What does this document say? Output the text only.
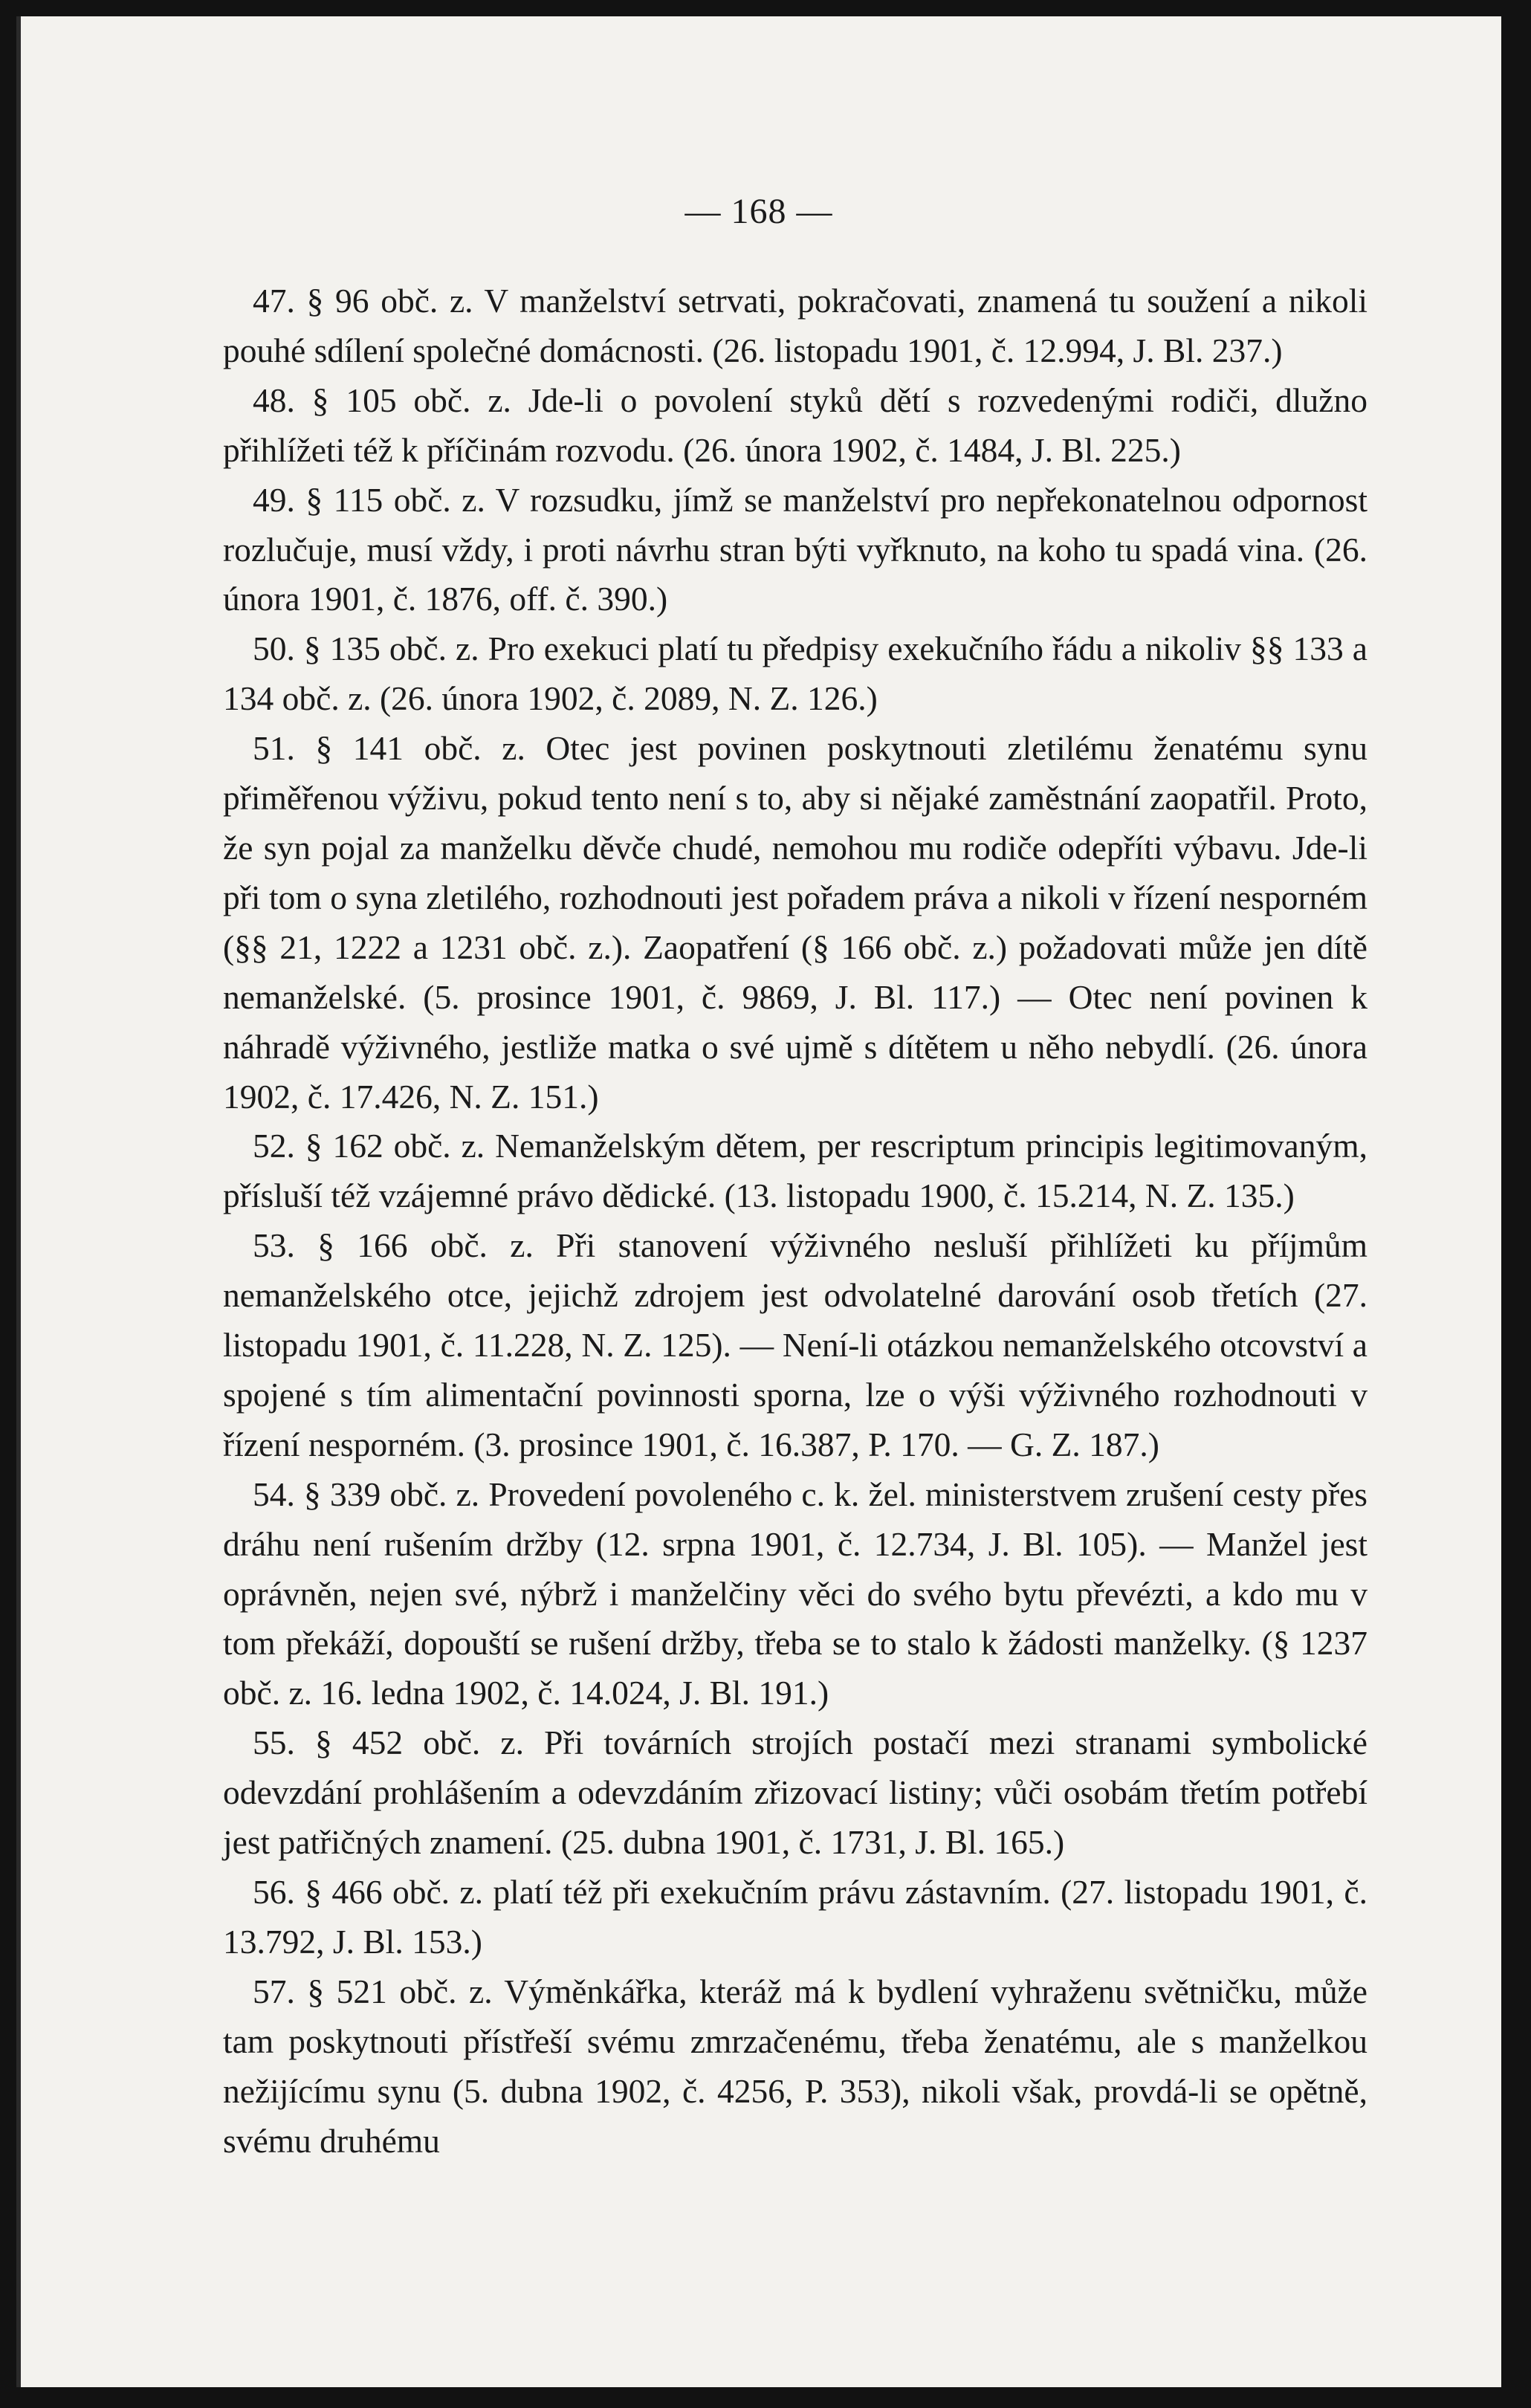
— 168 —

47. § 96 obč. z. V manželství setrvati, pokračovati, znamená tu soužení a nikoli pouhé sdílení společné domácnosti. (26. listopadu 1901, č. 12.994, J. Bl. 237.)

48. § 105 obč. z. Jde-li o povolení styků dětí s rozvedenými rodiči, dlužno přihlížeti též k příčinám rozvodu. (26. února 1902, č. 1484, J. Bl. 225.)

49. § 115 obč. z. V rozsudku, jímž se manželství pro nepřekonatelnou odpornost rozlučuje, musí vždy, i proti návrhu stran býti vyřknuto, na koho tu spadá vina. (26. února 1901, č. 1876, off. č. 390.)

50. § 135 obč. z. Pro exekuci platí tu předpisy exekučního řádu a nikoliv §§ 133 a 134 obč. z. (26. února 1902, č. 2089, N. Z. 126.)

51. § 141 obč. z. Otec jest povinen poskytnouti zletilému ženatému synu přiměřenou výživu, pokud tento není s to, aby si nějaké zaměstnání zaopatřil. Proto, že syn pojal za manželku děvče chudé, nemohou mu rodiče odepříti výbavu. Jde-li při tom o syna zletilého, rozhodnouti jest pořadem práva a nikoli v řízení nesporném (§§ 21, 1222 a 1231 obč. z.). Zaopatření (§ 166 obč. z.) požadovati může jen dítě nemanželské. (5. prosince 1901, č. 9869, J. Bl. 117.) — Otec není povinen k náhradě výživného, jestliže matka o své ujmě s dítětem u něho nebydlí. (26. února 1902, č. 17.426, N. Z. 151.)

52. § 162 obč. z. Nemanželským dětem, per rescriptum principis legitimovaným, přísluší též vzájemné právo dědické. (13. listopadu 1900, č. 15.214, N. Z. 135.)

53. § 166 obč. z. Při stanovení výživného nesluší přihlížeti ku příjmům nemanželského otce, jejichž zdrojem jest odvolatelné darování osob třetích (27. listopadu 1901, č. 11.228, N. Z. 125). — Není-li otázkou nemanželského otcovství a spojené s tím alimentační povinnosti sporna, lze o výši výživného rozhodnouti v řízení nesporném. (3. prosince 1901, č. 16.387, P. 170. — G. Z. 187.)

54. § 339 obč. z. Provedení povoleného c. k. žel. ministerstvem zrušení cesty přes dráhu není rušením držby (12. srpna 1901, č. 12.734, J. Bl. 105). — Manžel jest oprávněn, nejen své, nýbrž i manželčiny věci do svého bytu převézti, a kdo mu v tom překáží, dopouští se rušení držby, třeba se to stalo k žádosti manželky. (§ 1237 obč. z. 16. ledna 1902, č. 14.024, J. Bl. 191.)

55. § 452 obč. z. Při továrních strojích postačí mezi stranami symbolické odevzdání prohlášením a odevzdáním zřizovací listiny; vůči osobám třetím potřebí jest patřičných znamení. (25. dubna 1901, č. 1731, J. Bl. 165.)

56. § 466 obč. z. platí též při exekučním právu zástavním. (27. listopadu 1901, č. 13.792, J. Bl. 153.)

57. § 521 obč. z. Výměnkářka, kteráž má k bydlení vyhraženu světničku, může tam poskytnouti přístřeší svému zmrzačenému, třeba ženatému, ale s manželkou nežijícímu synu (5. dubna 1902, č. 4256, P. 353), nikoli však, provdá-li se opětně, svému druhému
